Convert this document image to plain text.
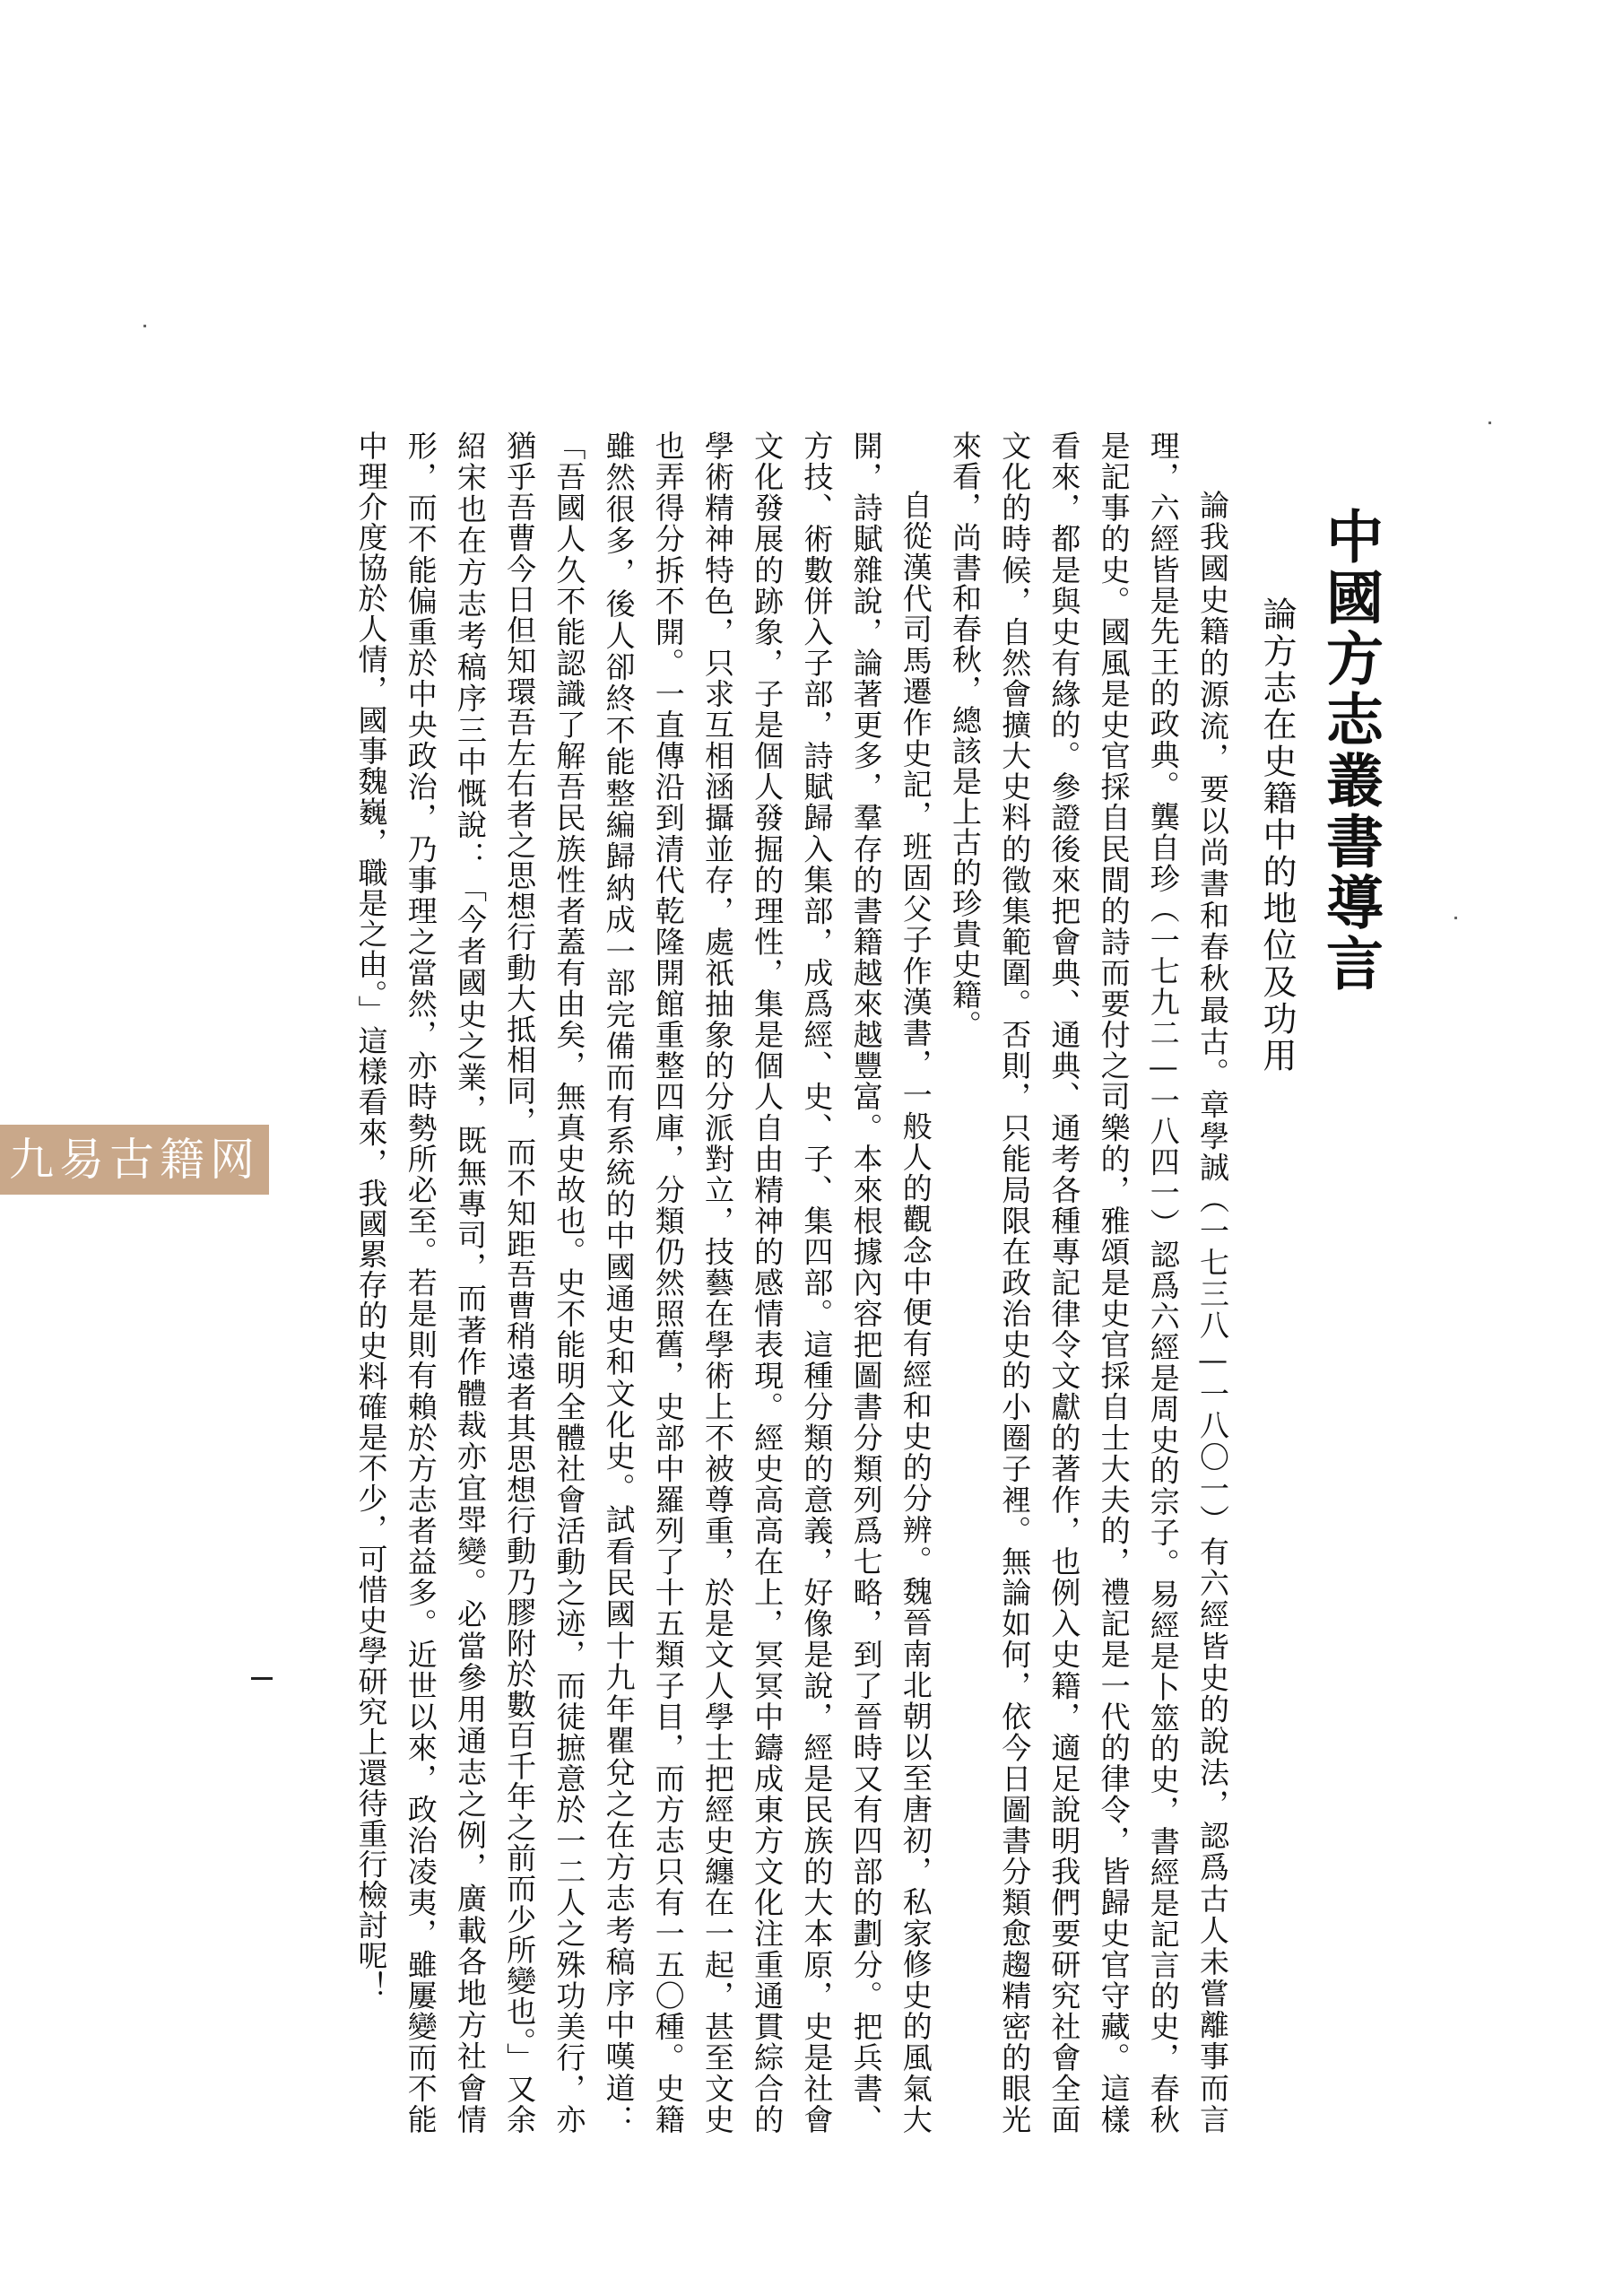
中國方志叢書導言
論方志在史籍中的地位及功用

論我國史籍的源流，要以尚書和春秋最古。章學誠（一七三八—一八〇一）有六經皆史的說法，認爲古人未嘗離事而言理，六經皆是先王的政典。龔自珍（一七九二—一八四一）認爲六經是周史的宗子。易經是卜筮的史，書經是記言的史，春秋是記事的史。國風是史官採自民間的詩而要付之司樂的，雅頌是史官採自士大夫的，禮記是一代的律令，皆歸史官守藏。這樣看來，都是與史有緣的。參證後來把會典、通典、通考各種專記律令文獻的著作，也例入史籍，適足說明我們要研究社會全面文化的時候，自然會擴大史料的徵集範圍。否則，只能局限在政治史的小圈子裡。無論如何，依今日圖書分類愈趨精密的眼光來看，尚書和春秋，總該是上古的珍貴史籍。

自從漢代司馬遷作史記，班固父子作漢書，一般人的觀念中便有經和史的分辨。魏晉南北朝以至唐初，私家修史的風氣大開，詩賦雜說，論著更多，羣存的書籍越來越豐富。本來根據內容把圖書分類列爲七略，到了晉時又有四部的劃分。把兵書、方技、術數併入子部，詩賦歸入集部，成爲經、史、子、集四部。這種分類的意義，好像是說，經是民族的大本原，史是社會文化發展的跡象，子是個人發掘的理性，集是個人自由精神的感情表現。經史高高在上，冥冥中鑄成東方文化注重通貫綜合的學術精神特色，只求互相涵攝並存，處祇抽象的分派對立，技藝在學術上不被尊重，於是文人學士把經史纏在一起，甚至文史也弄得分拆不開。一直傳沿到清代乾隆開館重整四庫，分類仍然照舊，史部中羅列了十五類子目，而方志只有一五〇種。史籍雖然很多，後人卻終不能整編歸納成一部完備而有系統的中國通史和文化史。試看民國十九年瞿兌之在方志考稿序中嘆道：「吾國人久不能認識了解吾民族性者蓋有由矣，無真史故也。史不能明全體社會活動之迹，而徒摭意於一二人之殊功美行，亦猶乎吾曹今日但知環吾左右者之思想行動大抵相同，而不知距吾曹稍遠者其思想行動乃膠附於數百千年之前而少所變也。」又余紹宋也在方志考稿序三中慨說：「今者國史之業，既無專司，而著作體裁亦宜斝變。必當參用通志之例，廣載各地方社會情形，而不能偏重於中央政治，乃事理之當然，亦時勢所必至。若是則有賴於方志者益多。近世以來，政治凌夷，雖屢變而不能中理介度協於人情，國事魏巍，職是之由。」這樣看來，我國累存的史料確是不少，可惜史學研究上還待重行檢討呢！

九易古籍网
